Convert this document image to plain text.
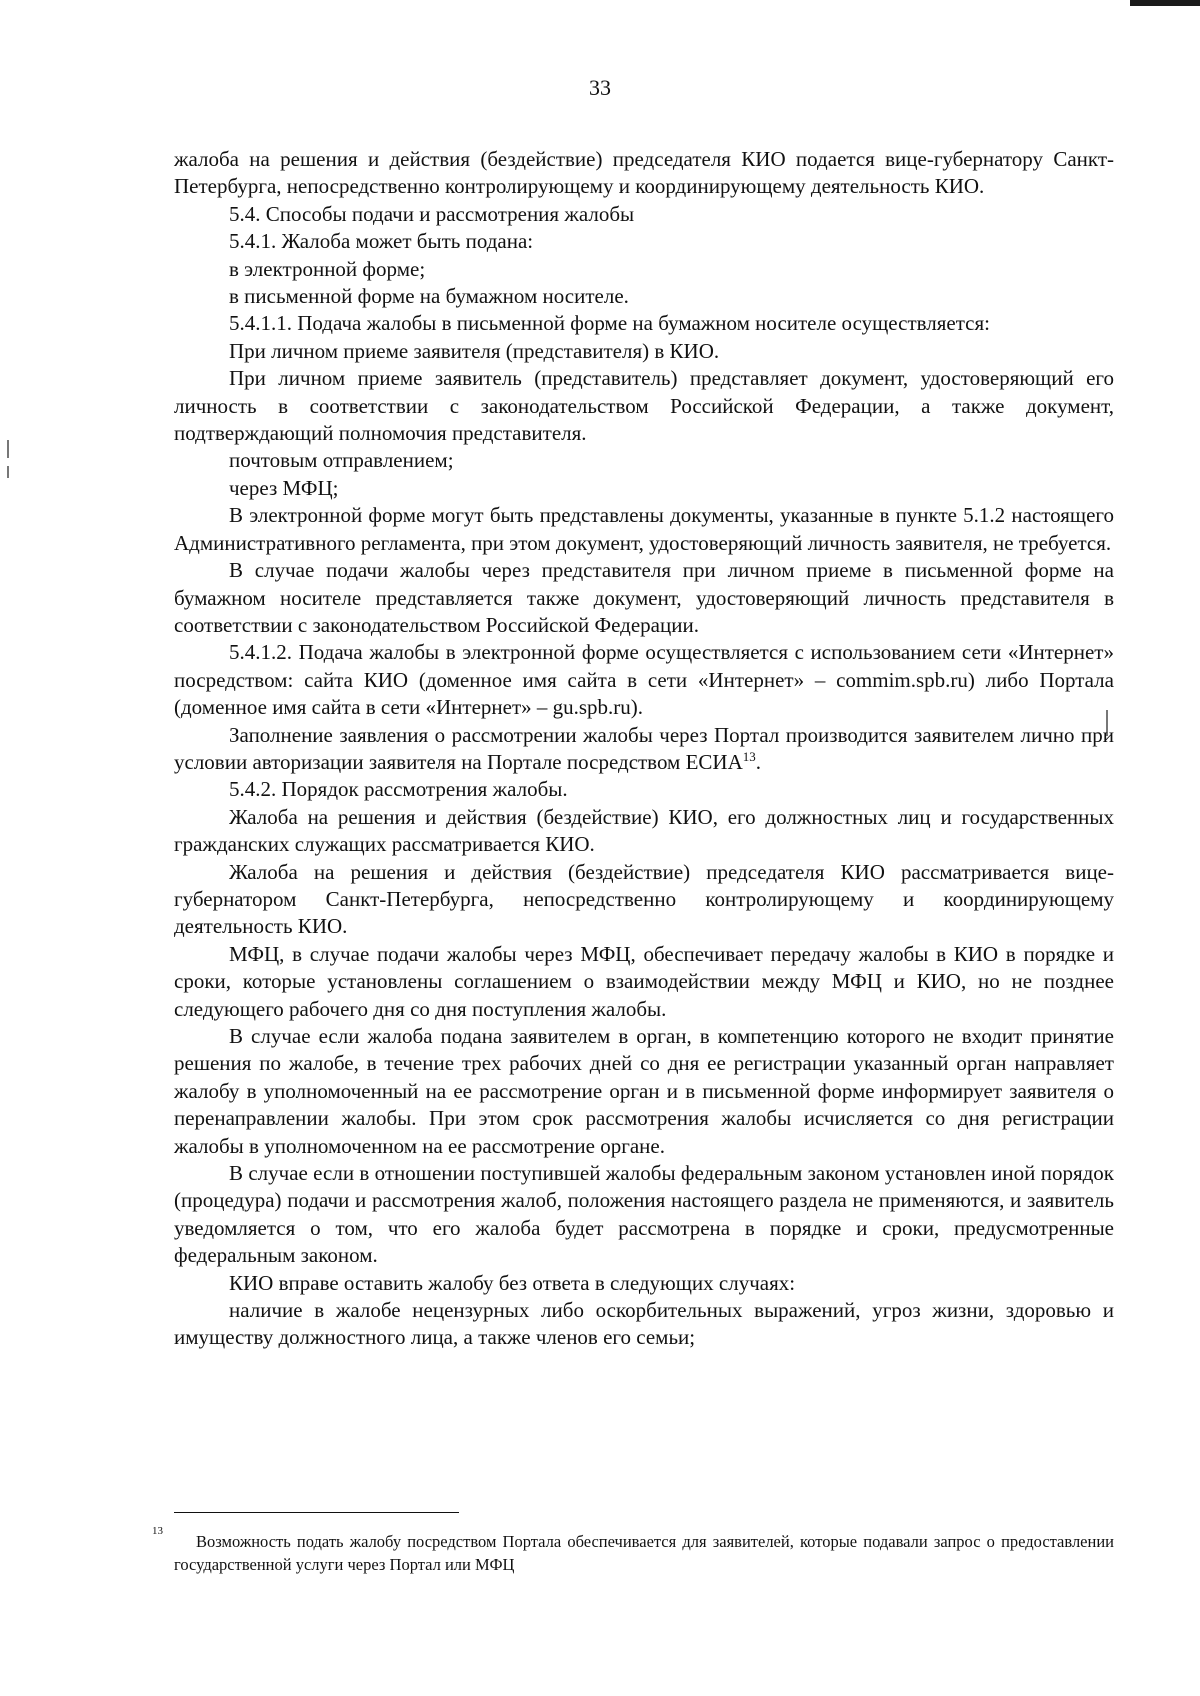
33

жалоба на решения и действия (бездействие) председателя КИО подается вице-губернатору Санкт-Петербурга, непосредственно контролирующему и координирующему деятельность КИО.

5.4. Способы подачи и рассмотрения жалобы

5.4.1. Жалоба может быть подана:

в электронной форме;

в письменной форме на бумажном носителе.

5.4.1.1. Подача жалобы в письменной форме на бумажном носителе осуществляется:

При личном приеме заявителя (представителя) в КИО.

При личном приеме заявитель (представитель) представляет документ, удостоверяющий его личность в соответствии с законодательством Российской Федерации, а также документ, подтверждающий полномочия представителя.

почтовым отправлением;

через МФЦ;

В электронной форме могут быть представлены документы, указанные в пункте 5.1.2 настоящего Административного регламента, при этом документ, удостоверяющий личность заявителя, не требуется.

В случае подачи жалобы через представителя при личном приеме в письменной форме на бумажном носителе представляется также документ, удостоверяющий личность представителя в соответствии с законодательством Российской Федерации.

5.4.1.2. Подача жалобы в электронной форме осуществляется с использованием сети «Интернет» посредством: сайта КИО (доменное имя сайта в сети «Интернет» – commim.spb.ru) либо Портала (доменное имя сайта в сети «Интернет» – gu.spb.ru).

Заполнение заявления о рассмотрении жалобы через Портал производится заявителем лично при условии авторизации заявителя на Портале посредством ЕСИА$^{13}$.

5.4.2. Порядок рассмотрения жалобы.

Жалоба на решения и действия (бездействие) КИО, его должностных лиц и государственных гражданских служащих рассматривается КИО.

Жалоба на решения и действия (бездействие) председателя КИО рассматривается вице-губернатором Санкт-Петербурга, непосредственно контролирующему и координирующему деятельность КИО.

МФЦ, в случае подачи жалобы через МФЦ, обеспечивает передачу жалобы в КИО в порядке и сроки, которые установлены соглашением о взаимодействии между МФЦ и КИО, но не позднее следующего рабочего дня со дня поступления жалобы.

В случае если жалоба подана заявителем в орган, в компетенцию которого не входит принятие решения по жалобе, в течение трех рабочих дней со дня ее регистрации указанный орган направляет жалобу в уполномоченный на ее рассмотрение орган и в письменной форме информирует заявителя о перенаправлении жалобы. При этом срок рассмотрения жалобы исчисляется со дня регистрации жалобы в уполномоченном на ее рассмотрение органе.

В случае если в отношении поступившей жалобы федеральным законом установлен иной порядок (процедура) подачи и рассмотрения жалоб, положения настоящего раздела не применяются, и заявитель уведомляется о том, что его жалоба будет рассмотрена в порядке и сроки, предусмотренные федеральным законом.

КИО вправе оставить жалобу без ответа в следующих случаях:

наличие в жалобе нецензурных либо оскорбительных выражений, угроз жизни, здоровью и имуществу должностного лица, а также членов его семьи;

13
Возможность подать жалобу посредством Портала обеспечивается для заявителей, которые подавали запрос о предоставлении государственной услуги через Портал или МФЦ
